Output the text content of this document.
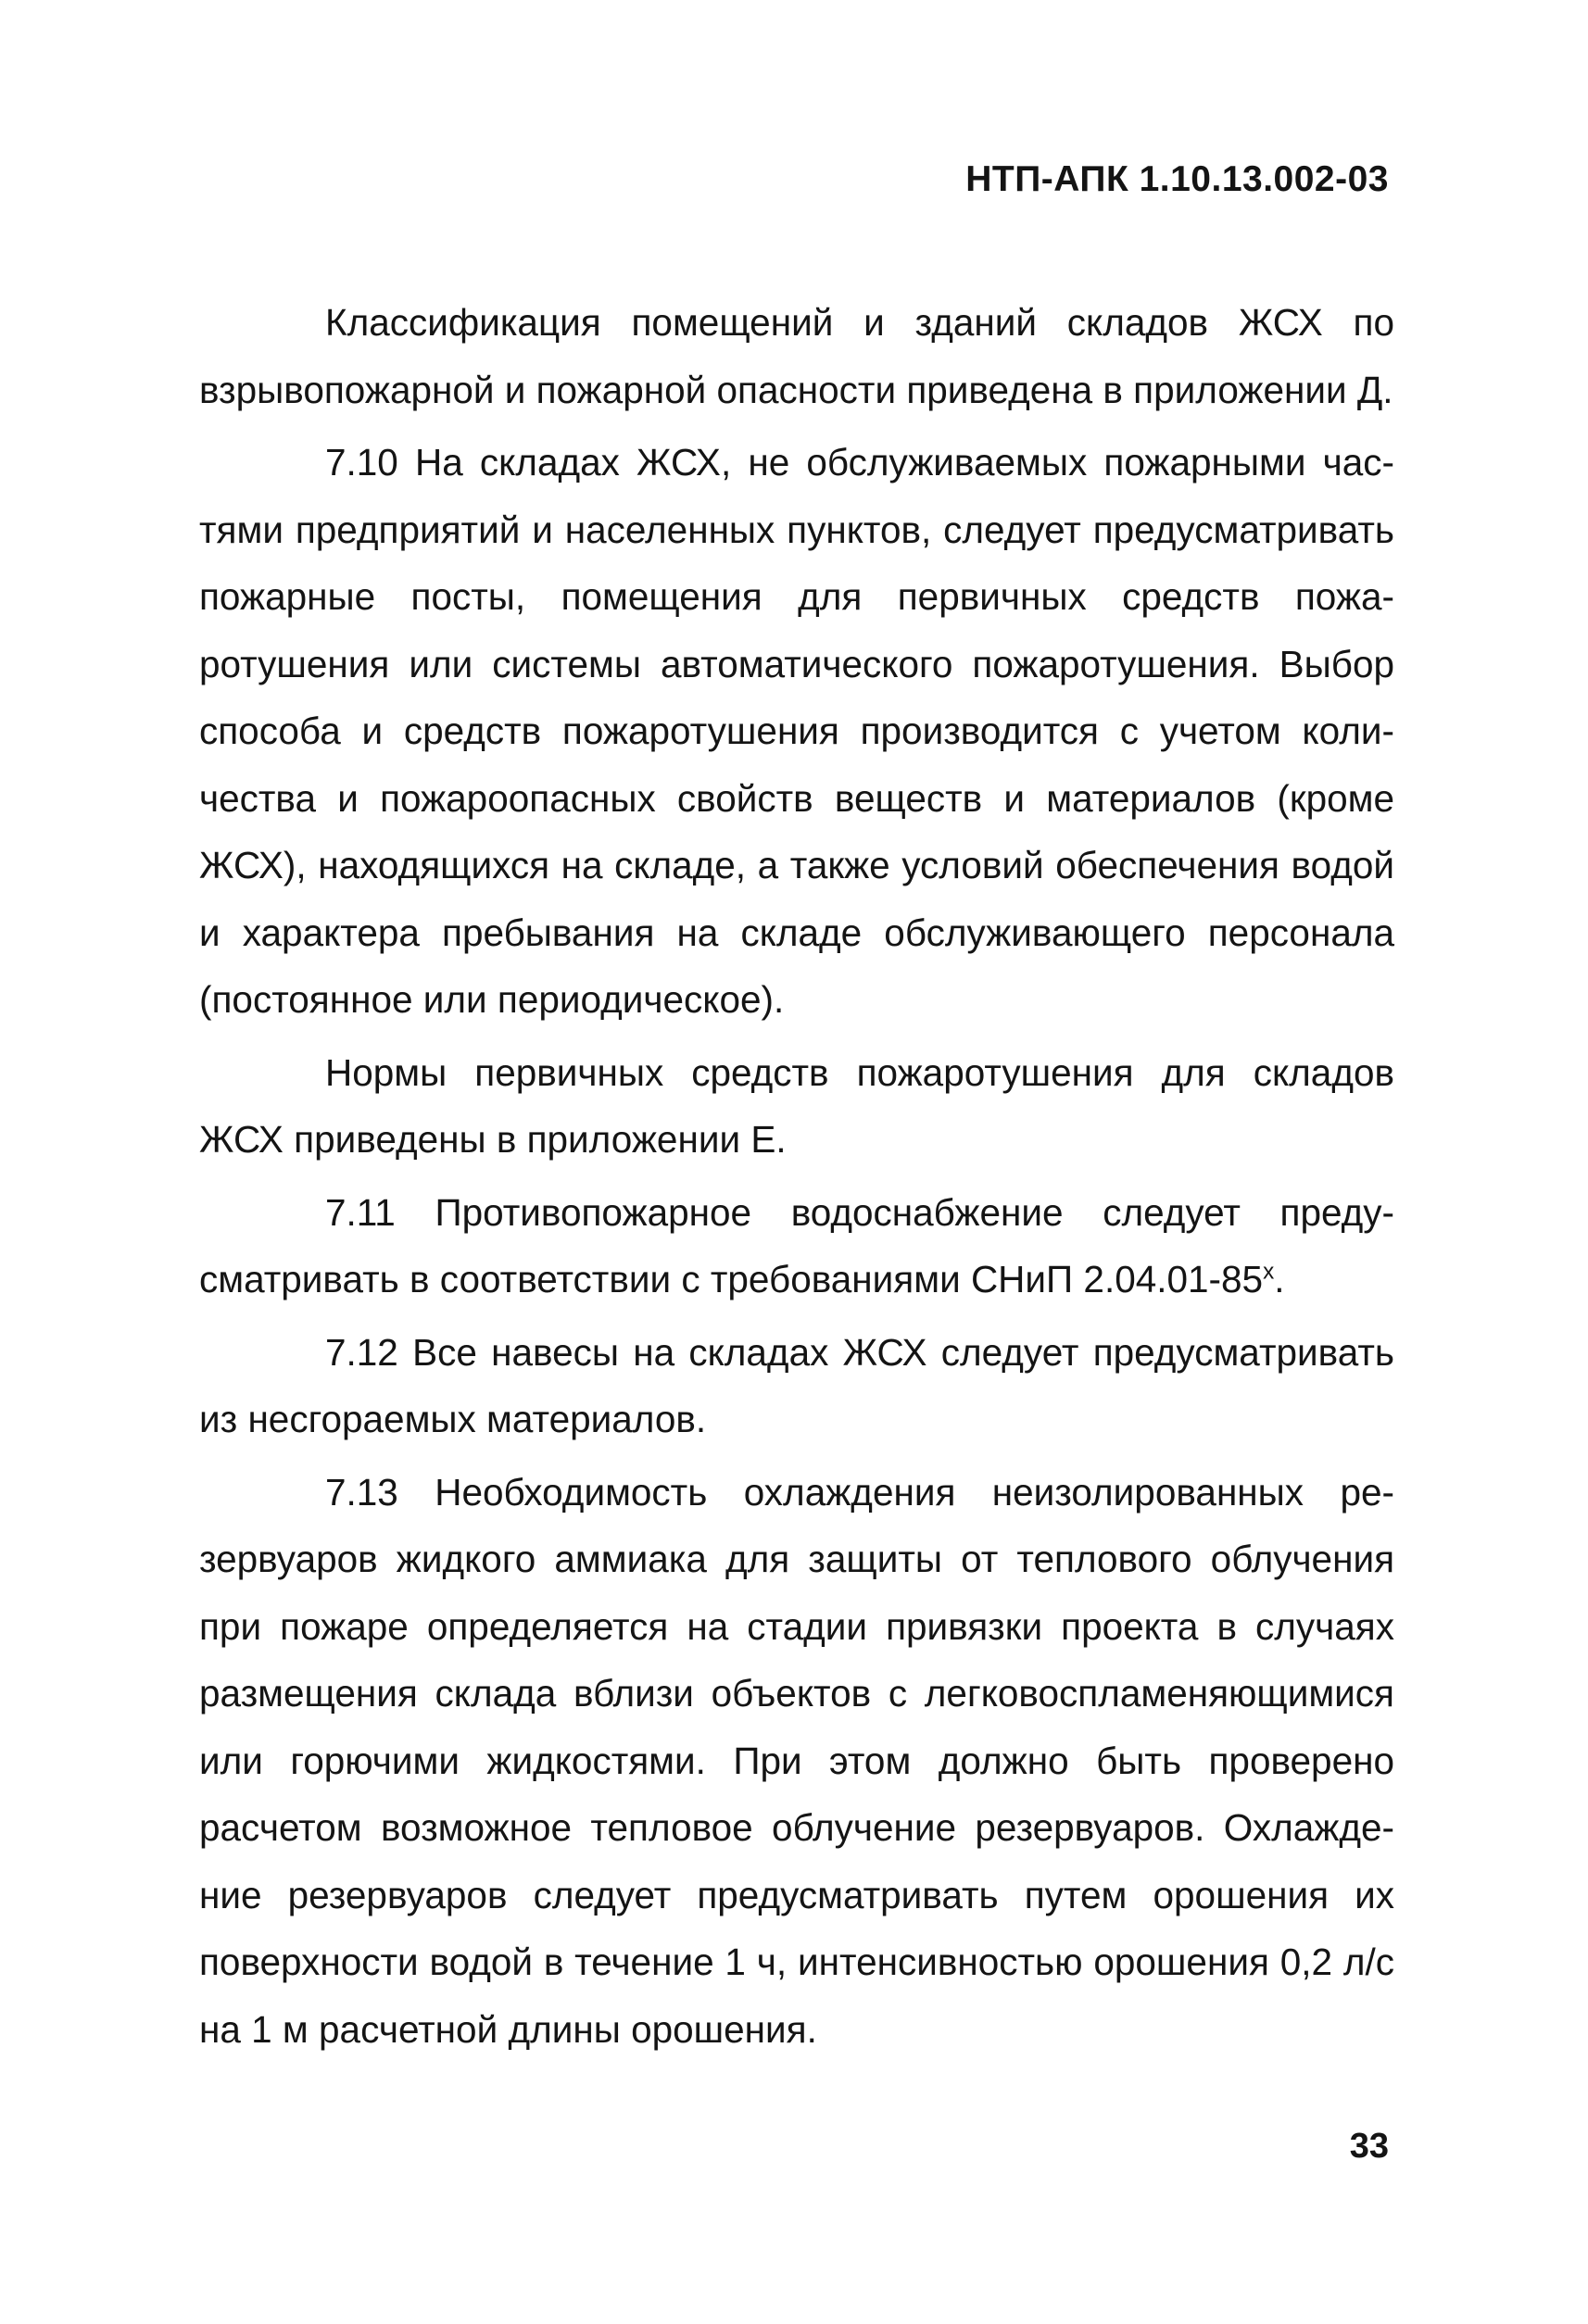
НТП-АПК 1.10.13.002-03

Классификация помещений и зданий складов ЖСХ по взрывопожарной и пожарной опасности приведена в приложении Д.

7.10 На складах ЖСХ, не обслуживаемых пожарными частями предприятий и населенных пунктов, следует предусматривать пожарные посты, помещения для первичных средств пожаротушения или системы автоматического пожаротушения. Выбор способа и средств пожаротушения производится с учетом количества и пожароопасных свойств веществ и материалов (кроме ЖСХ), находящихся на складе, а также условий обеспечения водой и характера пребывания на складе обслуживающего персонала (постоянное или периодическое).

Нормы первичных средств пожаротушения для складов ЖСХ приведены в приложении Е.

7.11 Противопожарное водоснабжение следует предусматривать в соответствии с требованиями СНиП $2.04.01-85^х$.

7.12 Все навесы на складах ЖСХ следует предусматривать из несгораемых материалов.

7.13 Необходимость охлаждения неизолированных резервуаров жидкого аммиака для защиты от теплового облучения при пожаре определяется на стадии привязки проекта в случаях размещения склада вблизи объектов с легковоспламеняющимися или горючими жидкостями. При этом должно быть проверено расчетом возможное тепловое облучение резервуаров. Охлаждение резервуаров следует предусматривать путем орошения их поверхности водой в течение 1 ч, интенсивностью орошения 0,2 л/с на 1 м расчетной длины орошения.

33
